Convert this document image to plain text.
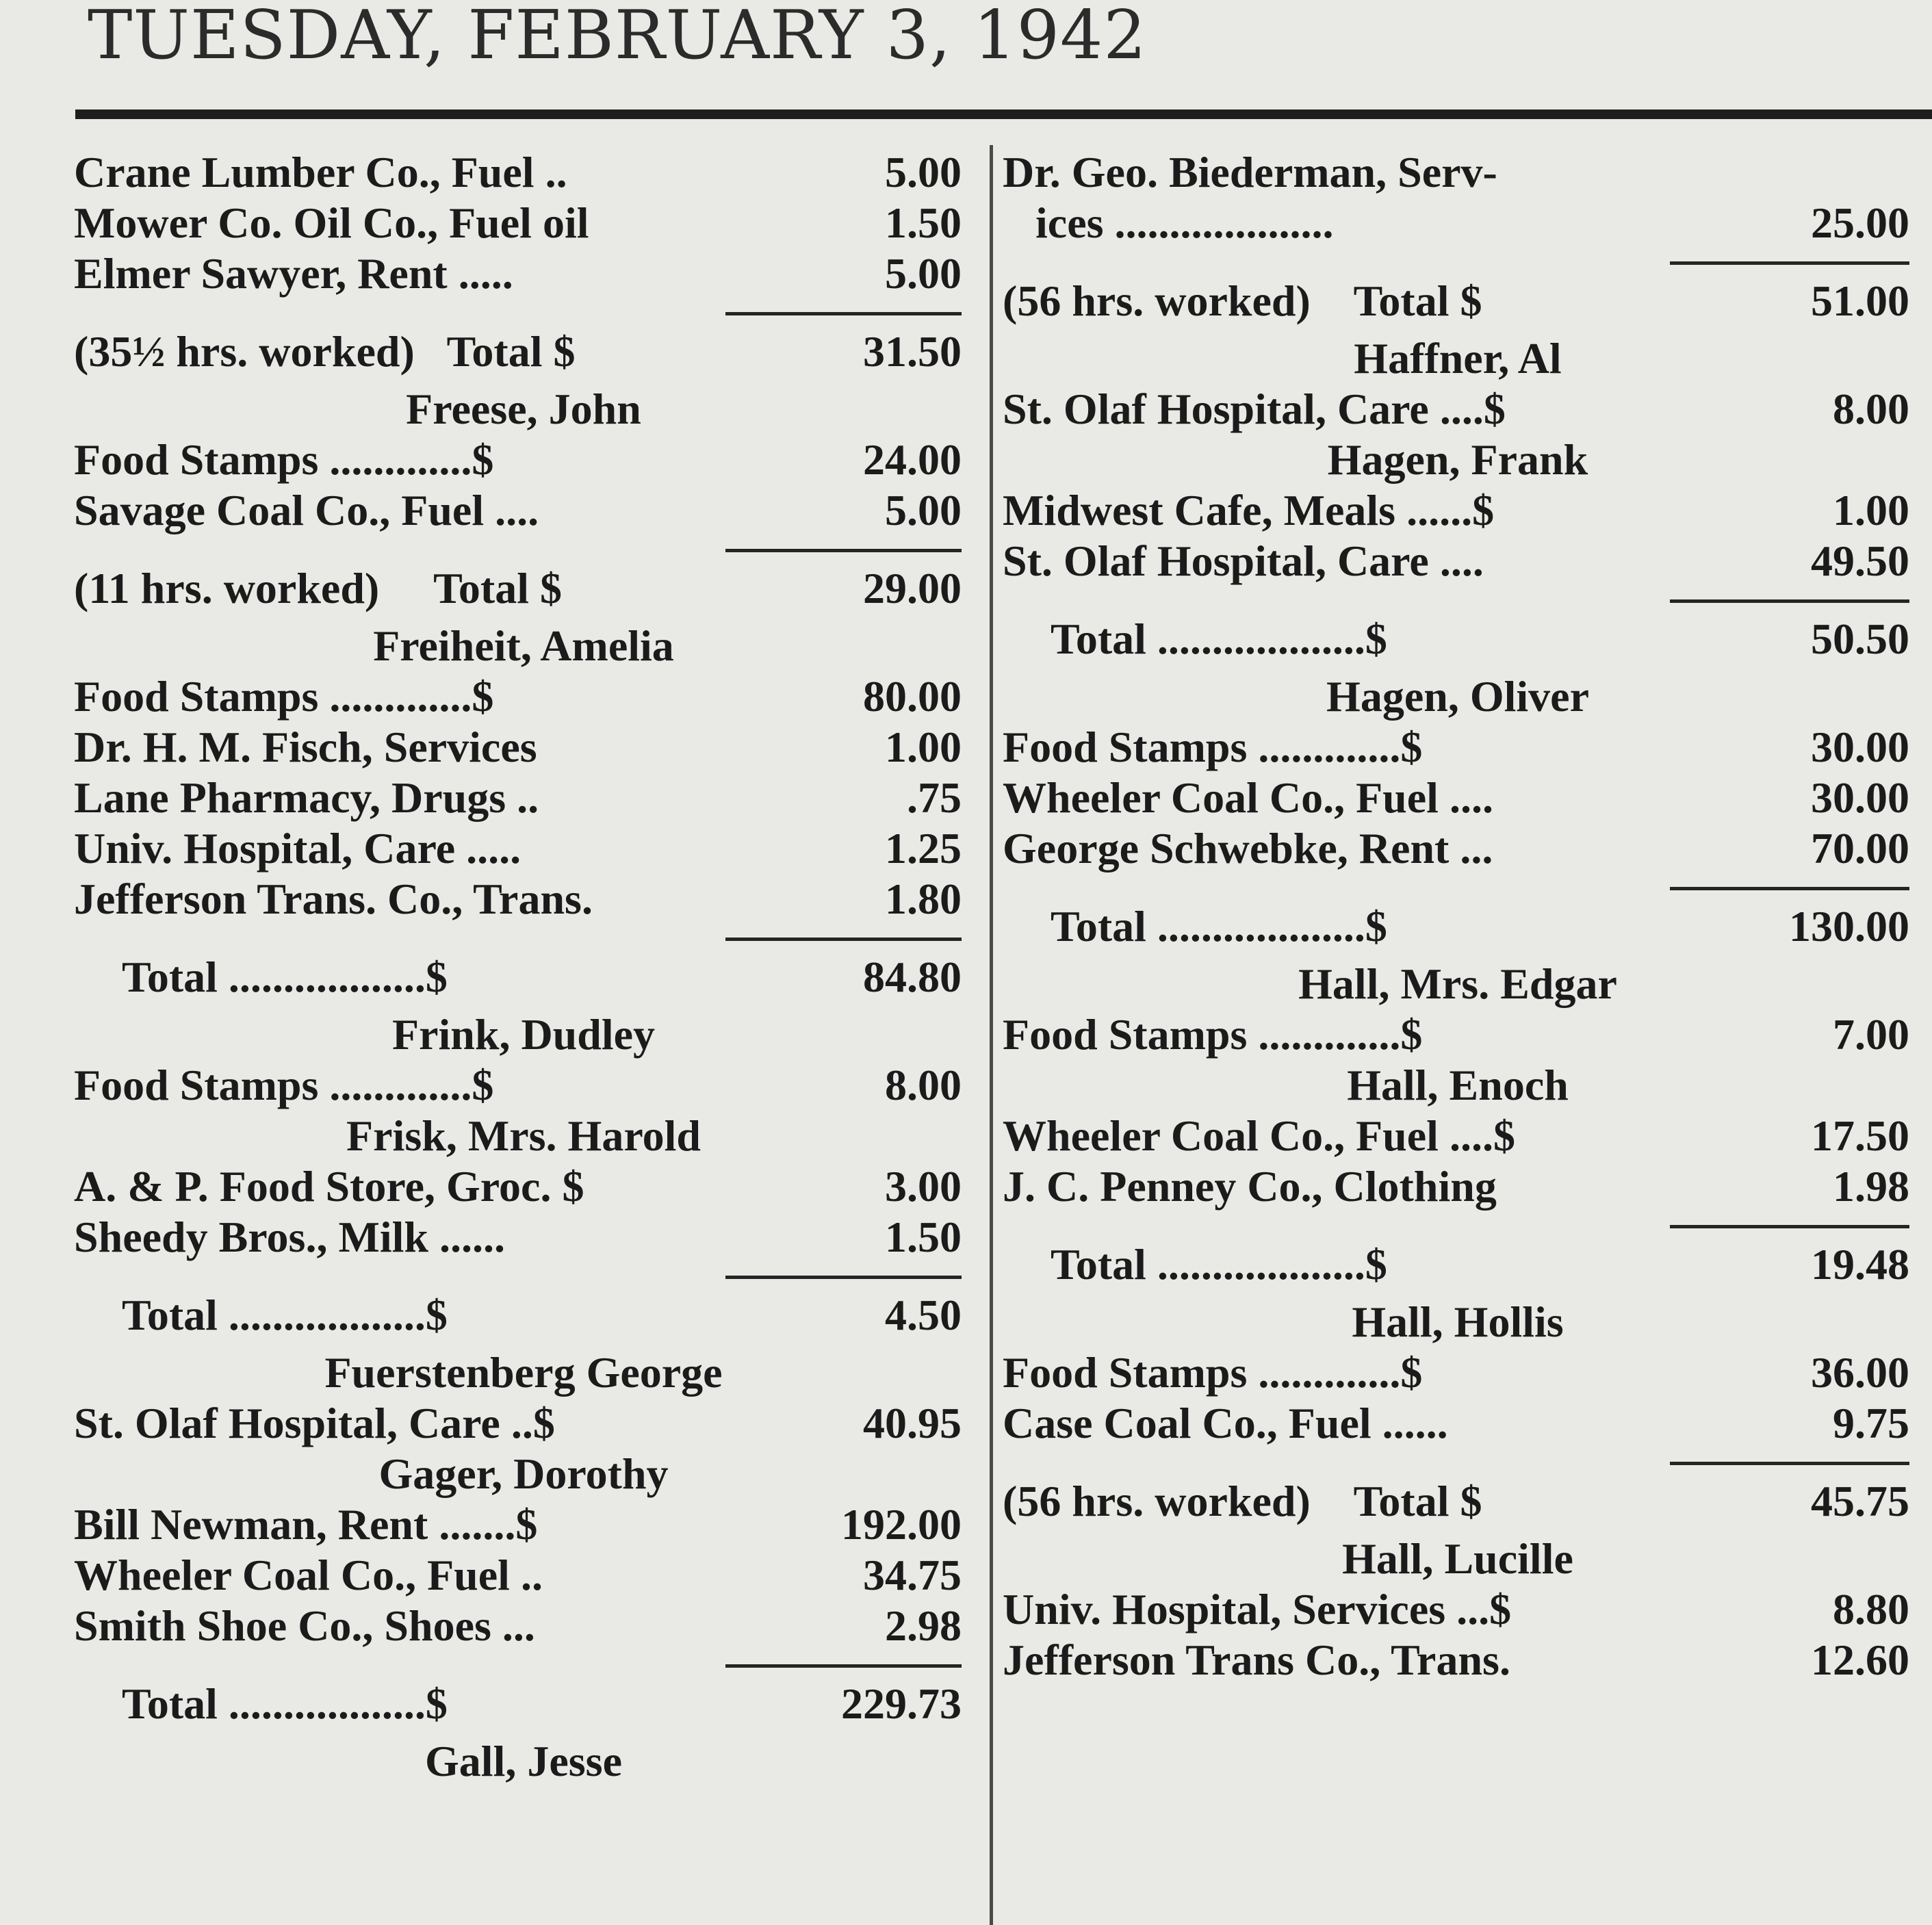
TUESDAY, FEBRUARY 3, 1942
Crane Lumber Co., Fuel ..	5.00
Mower Co. Oil Co., Fuel oil	1.50
Elmer Sawyer, Rent .....	5.00
(35½ hrs. worked)   Total $	31.50
Freese, John
Food Stamps .............$	24.00
Savage Coal Co., Fuel ....	5.00
(11 hrs. worked)     Total $	29.00
Freiheit, Amelia
Food Stamps .............$	80.00
Dr. H. M. Fisch, Services	1.00
Lane Pharmacy, Drugs ..	.75
Univ. Hospital, Care .....	1.25
Jefferson Trans. Co., Trans.	1.80
Total ..................$	84.80
Frink, Dudley
Food Stamps .............$	8.00
Frisk, Mrs. Harold
A. & P. Food Store, Groc. $	3.00
Sheedy Bros., Milk ......	1.50
Total ..................$	4.50
Fuerstenberg George
St. Olaf Hospital, Care ..$	40.95
Gager, Dorothy
Bill Newman, Rent .......$	192.00
Wheeler Coal Co., Fuel ..	34.75
Smith Shoe Co., Shoes ...	2.98
Total ..................$	229.73
Gall, Jesse
Dr. Geo. Biederman, Serv-
ices ....................	25.00
(56 hrs. worked)    Total $	51.00
Haffner, Al
St. Olaf Hospital, Care ....$	8.00
Hagen, Frank
Midwest Cafe, Meals ......$	1.00
St. Olaf Hospital, Care ....	49.50
Total ...................$	50.50
Hagen, Oliver
Food Stamps .............$	30.00
Wheeler Coal Co., Fuel ....	30.00
George Schwebke, Rent ...	70.00
Total ...................$	130.00
Hall, Mrs. Edgar
Food Stamps .............$	7.00
Hall, Enoch
Wheeler Coal Co., Fuel ....$	17.50
J. C. Penney Co., Clothing	1.98
Total ...................$	19.48
Hall, Hollis
Food Stamps .............$	36.00
Case Coal Co., Fuel ......	9.75
(56 hrs. worked)    Total $	45.75
Hall, Lucille
Univ. Hospital, Services ...$	8.80
Jefferson Trans Co., Trans.	12.60
